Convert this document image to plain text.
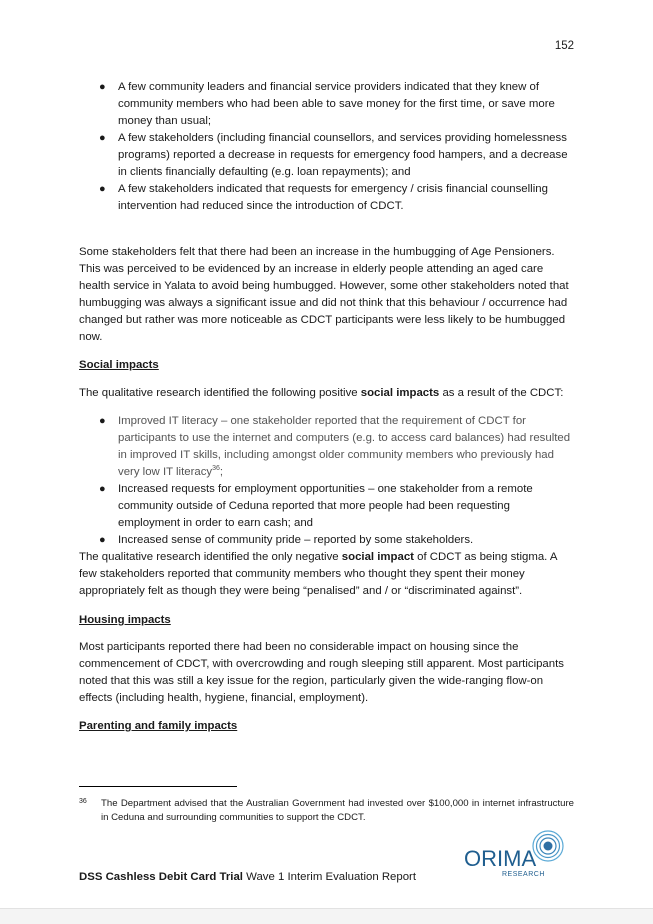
152
● A few community leaders and financial service providers indicated that they knew of community members who had been able to save money for the first time, or save more money than usual;
● A few stakeholders (including financial counsellors, and services providing homelessness programs) reported a decrease in requests for emergency food hampers, and a decrease in clients financially defaulting (e.g. loan repayments); and
● A few stakeholders indicated that requests for emergency / crisis financial counselling intervention had reduced since the introduction of CDCT.

Some stakeholders felt that there had been an increase in the humbugging of Age Pensioners. This was perceived to be evidenced by an increase in elderly people attending an aged care health service in Yalata to avoid being humbugged. However, some other stakeholders noted that humbugging was always a significant issue and did not think that this behaviour / occurrence had changed but rather was more noticeable as CDCT participants were less likely to be humbugged now.

Social impacts

The qualitative research identified the following positive social impacts as a result of the CDCT:

● Improved IT literacy – one stakeholder reported that the requirement of CDCT for participants to use the internet and computers (e.g. to access card balances) had resulted in improved IT skills, including amongst older community members who previously had very low IT literacy$^{36}$;
● Increased requests for employment opportunities – one stakeholder from a remote community outside of Ceduna reported that more people had been requesting employment in order to earn cash; and
● Increased sense of community pride – reported by some stakeholders.

The qualitative research identified the only negative social impact of CDCT as being stigma. A few stakeholders reported that community members who thought they spent their money appropriately felt as though they were being “penalised” and / or “discriminated against”.

Housing impacts

Most participants reported there had been no considerable impact on housing since the commencement of CDCT, with overcrowding and rough sleeping still apparent. Most participants noted that this was still a key issue for the region, particularly given the wide-ranging flow-on effects (including health, hygiene, financial, employment).

Parenting and family impacts

36	The Department advised that the Australian Government had invested over $100,000 in internet infrastructure in Ceduna and surrounding communities to support the CDCT.
DSS Cashless Debit Card Trial Wave 1 Interim Evaluation Report
ORIMA
RESEARCH
